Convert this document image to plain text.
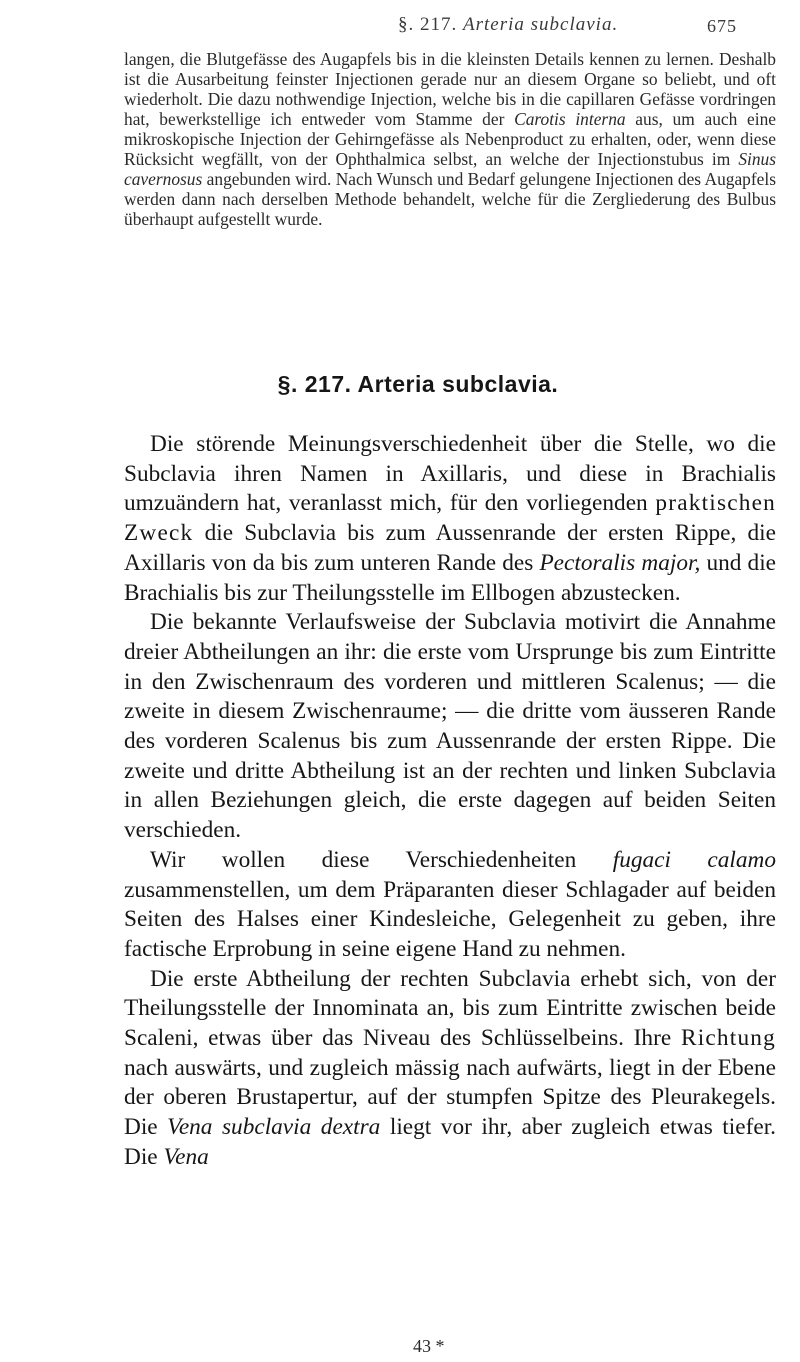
§. 217. Arteria subclavia.	675

langen, die Blutgefässe des Augapfels bis in die kleinsten Details kennen zu lernen. Deshalb ist die Ausarbeitung feinster Injectionen gerade nur an diesem Organe so beliebt, und oft wiederholt. Die dazu nothwendige Injection, welche bis in die capillaren Gefässe vordringen hat, bewerkstellige ich entweder vom Stamme der Carotis interna aus, um auch eine mikroskopische Injection der Gehirngefässe als Nebenproduct zu erhalten, oder, wenn diese Rücksicht wegfällt, von der Ophthalmica selbst, an welche der Injectionstubus im Sinus cavernosus angebunden wird. Nach Wunsch und Bedarf gelungene Injectionen des Augapfels werden dann nach derselben Methode behandelt, welche für die Zergliederung des Bulbus überhaupt aufgestellt wurde.

§. 217. Arteria subclavia.

Die störende Meinungsverschiedenheit über die Stelle, wo die Subclavia ihren Namen in Axillaris, und diese in Brachialis umzuändern hat, veranlasst mich, für den vorliegenden praktischen Zweck die Subclavia bis zum Aussenrande der ersten Rippe, die Axillaris von da bis zum unteren Rande des Pectoralis major, und die Brachialis bis zur Theilungsstelle im Ellbogen abzustecken.

Die bekannte Verlaufsweise der Subclavia motivirt die Annahme dreier Abtheilungen an ihr: die erste vom Ursprunge bis zum Eintritte in den Zwischenraum des vorderen und mittleren Scalenus; — die zweite in diesem Zwischenraume; — die dritte vom äusseren Rande des vorderen Scalenus bis zum Aussenrande der ersten Rippe. Die zweite und dritte Abtheilung ist an der rechten und linken Subclavia in allen Beziehungen gleich, die erste dagegen auf beiden Seiten verschieden.

Wir wollen diese Verschiedenheiten fugaci calamo zusammenstellen, um dem Präparanten dieser Schlagader auf beiden Seiten des Halses einer Kindesleiche, Gelegenheit zu geben, ihre factische Erprobung in seine eigene Hand zu nehmen.

Die erste Abtheilung der rechten Subclavia erhebt sich, von der Theilungsstelle der Innominata an, bis zum Eintritte zwischen beide Scaleni, etwas über das Niveau des Schlüsselbeins. Ihre Richtung nach auswärts, und zugleich mässig nach aufwärts, liegt in der Ebene der oberen Brustapertur, auf der stumpfen Spitze des Pleurakegels. Die Vena subclavia dextra liegt vor ihr, aber zugleich etwas tiefer. Die Vena

43 *
